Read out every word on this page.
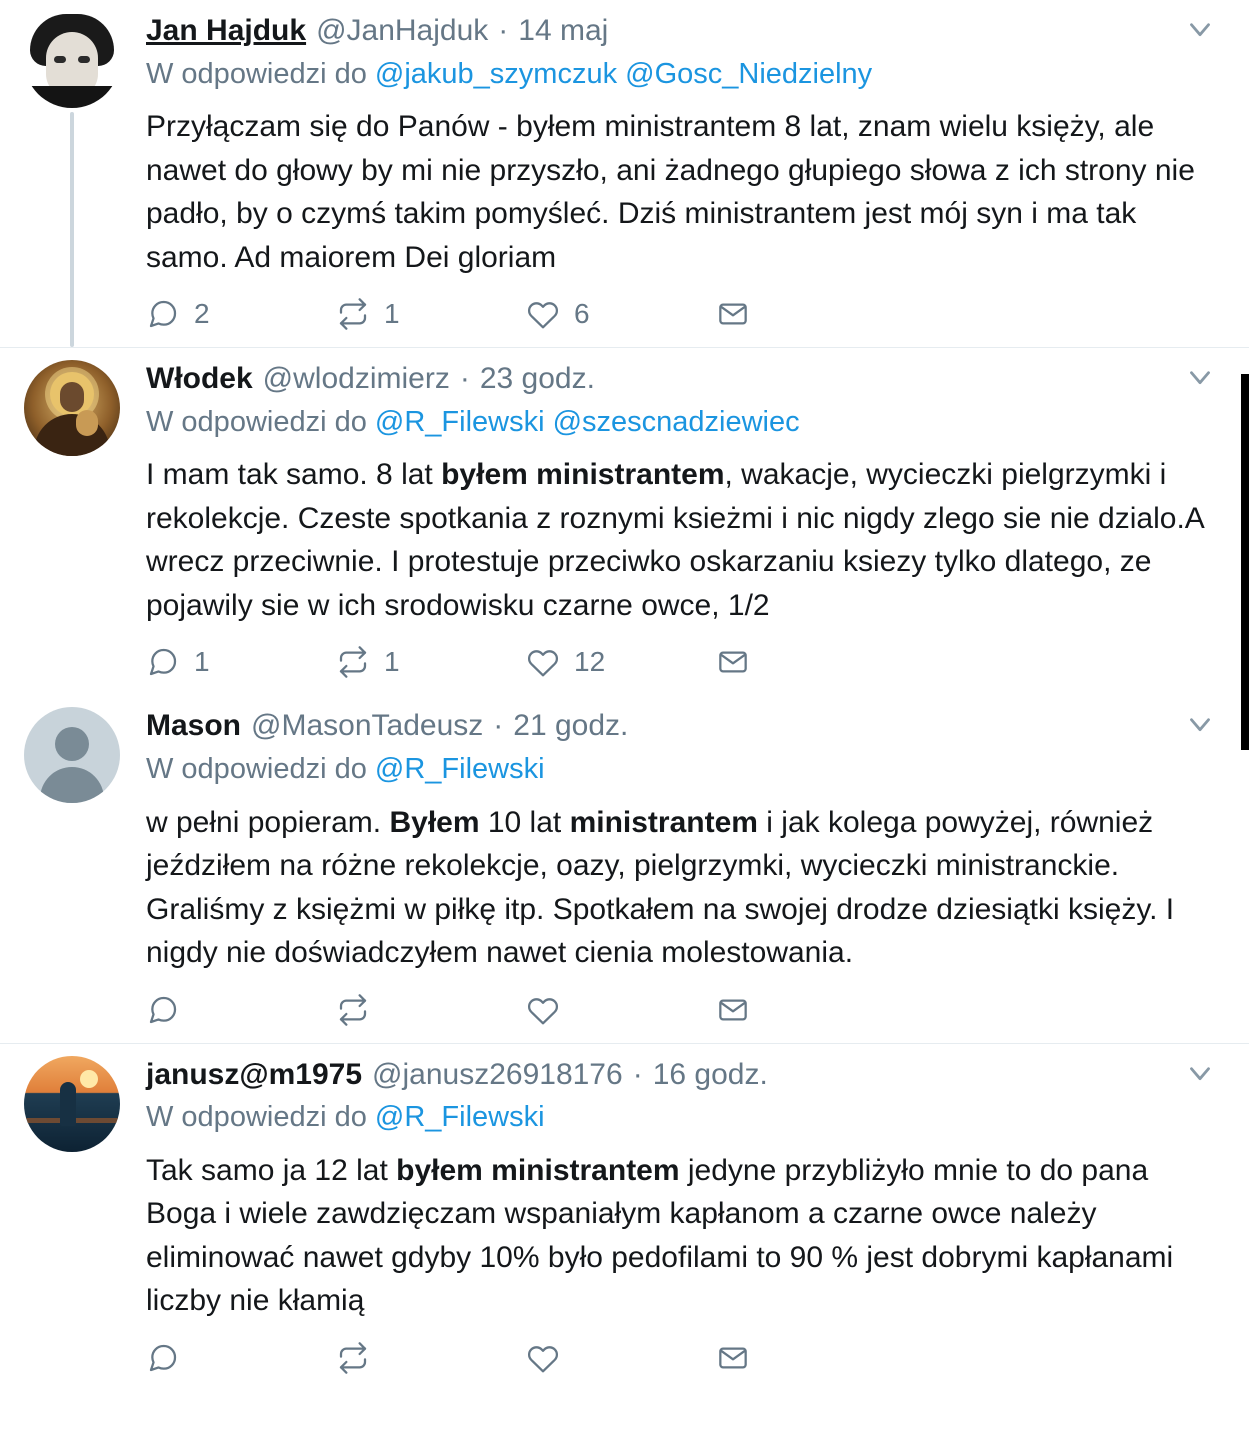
Jan Hajduk @JanHajduk · 14 maj
W odpowiedzi do @jakub_szymczuk @Gosc_Niedzielny
Przyłączam się do Panów - byłem ministrantem 8 lat, znam wielu księży, ale nawet do głowy by mi nie przyszło, ani żadnego głupiego słowa z ich strony nie padło, by o czymś takim pomyśleć. Dziś ministrantem jest mój syn i ma tak samo. Ad maiorem Dei gloriam
2	1	6
Włodek @wlodzimierz · 23 godz.
W odpowiedzi do @R_Filewski @szescnadziewiec
I mam tak samo. 8 lat byłem ministrantem, wakacje, wycieczki pielgrzymki i rekolekcje. Czeste spotkania z roznymi ksieżmi i nic nigdy zlego sie nie dzialo.A wrecz przeciwnie. I protestuje przeciwko oskarzaniu ksiezy tylko dlatego, ze pojawily sie w ich srodowisku czarne owce, 1/2
1	1	12
Mason @MasonTadeusz · 21 godz.
W odpowiedzi do @R_Filewski
w pełni popieram. Byłem 10 lat ministrantem i jak kolega powyżej, również jeździłem na różne rekolekcje, oazy, pielgrzymki, wycieczki ministranckie. Graliśmy z księżmi w piłkę itp. Spotkałem na swojej drodze dziesiątki księży. I nigdy nie doświadczyłem nawet cienia molestowania.
janusz@m1975 @janusz26918176 · 16 godz.
W odpowiedzi do @R_Filewski
Tak samo ja 12 lat byłem ministrantem jedyne przybliżyło mnie to do pana Boga i wiele zawdzięczam wspaniałym kapłanom a czarne owce należy eliminować nawet gdyby 10% było pedofilami to 90 % jest dobrymi kapłanami liczby nie kłamią
